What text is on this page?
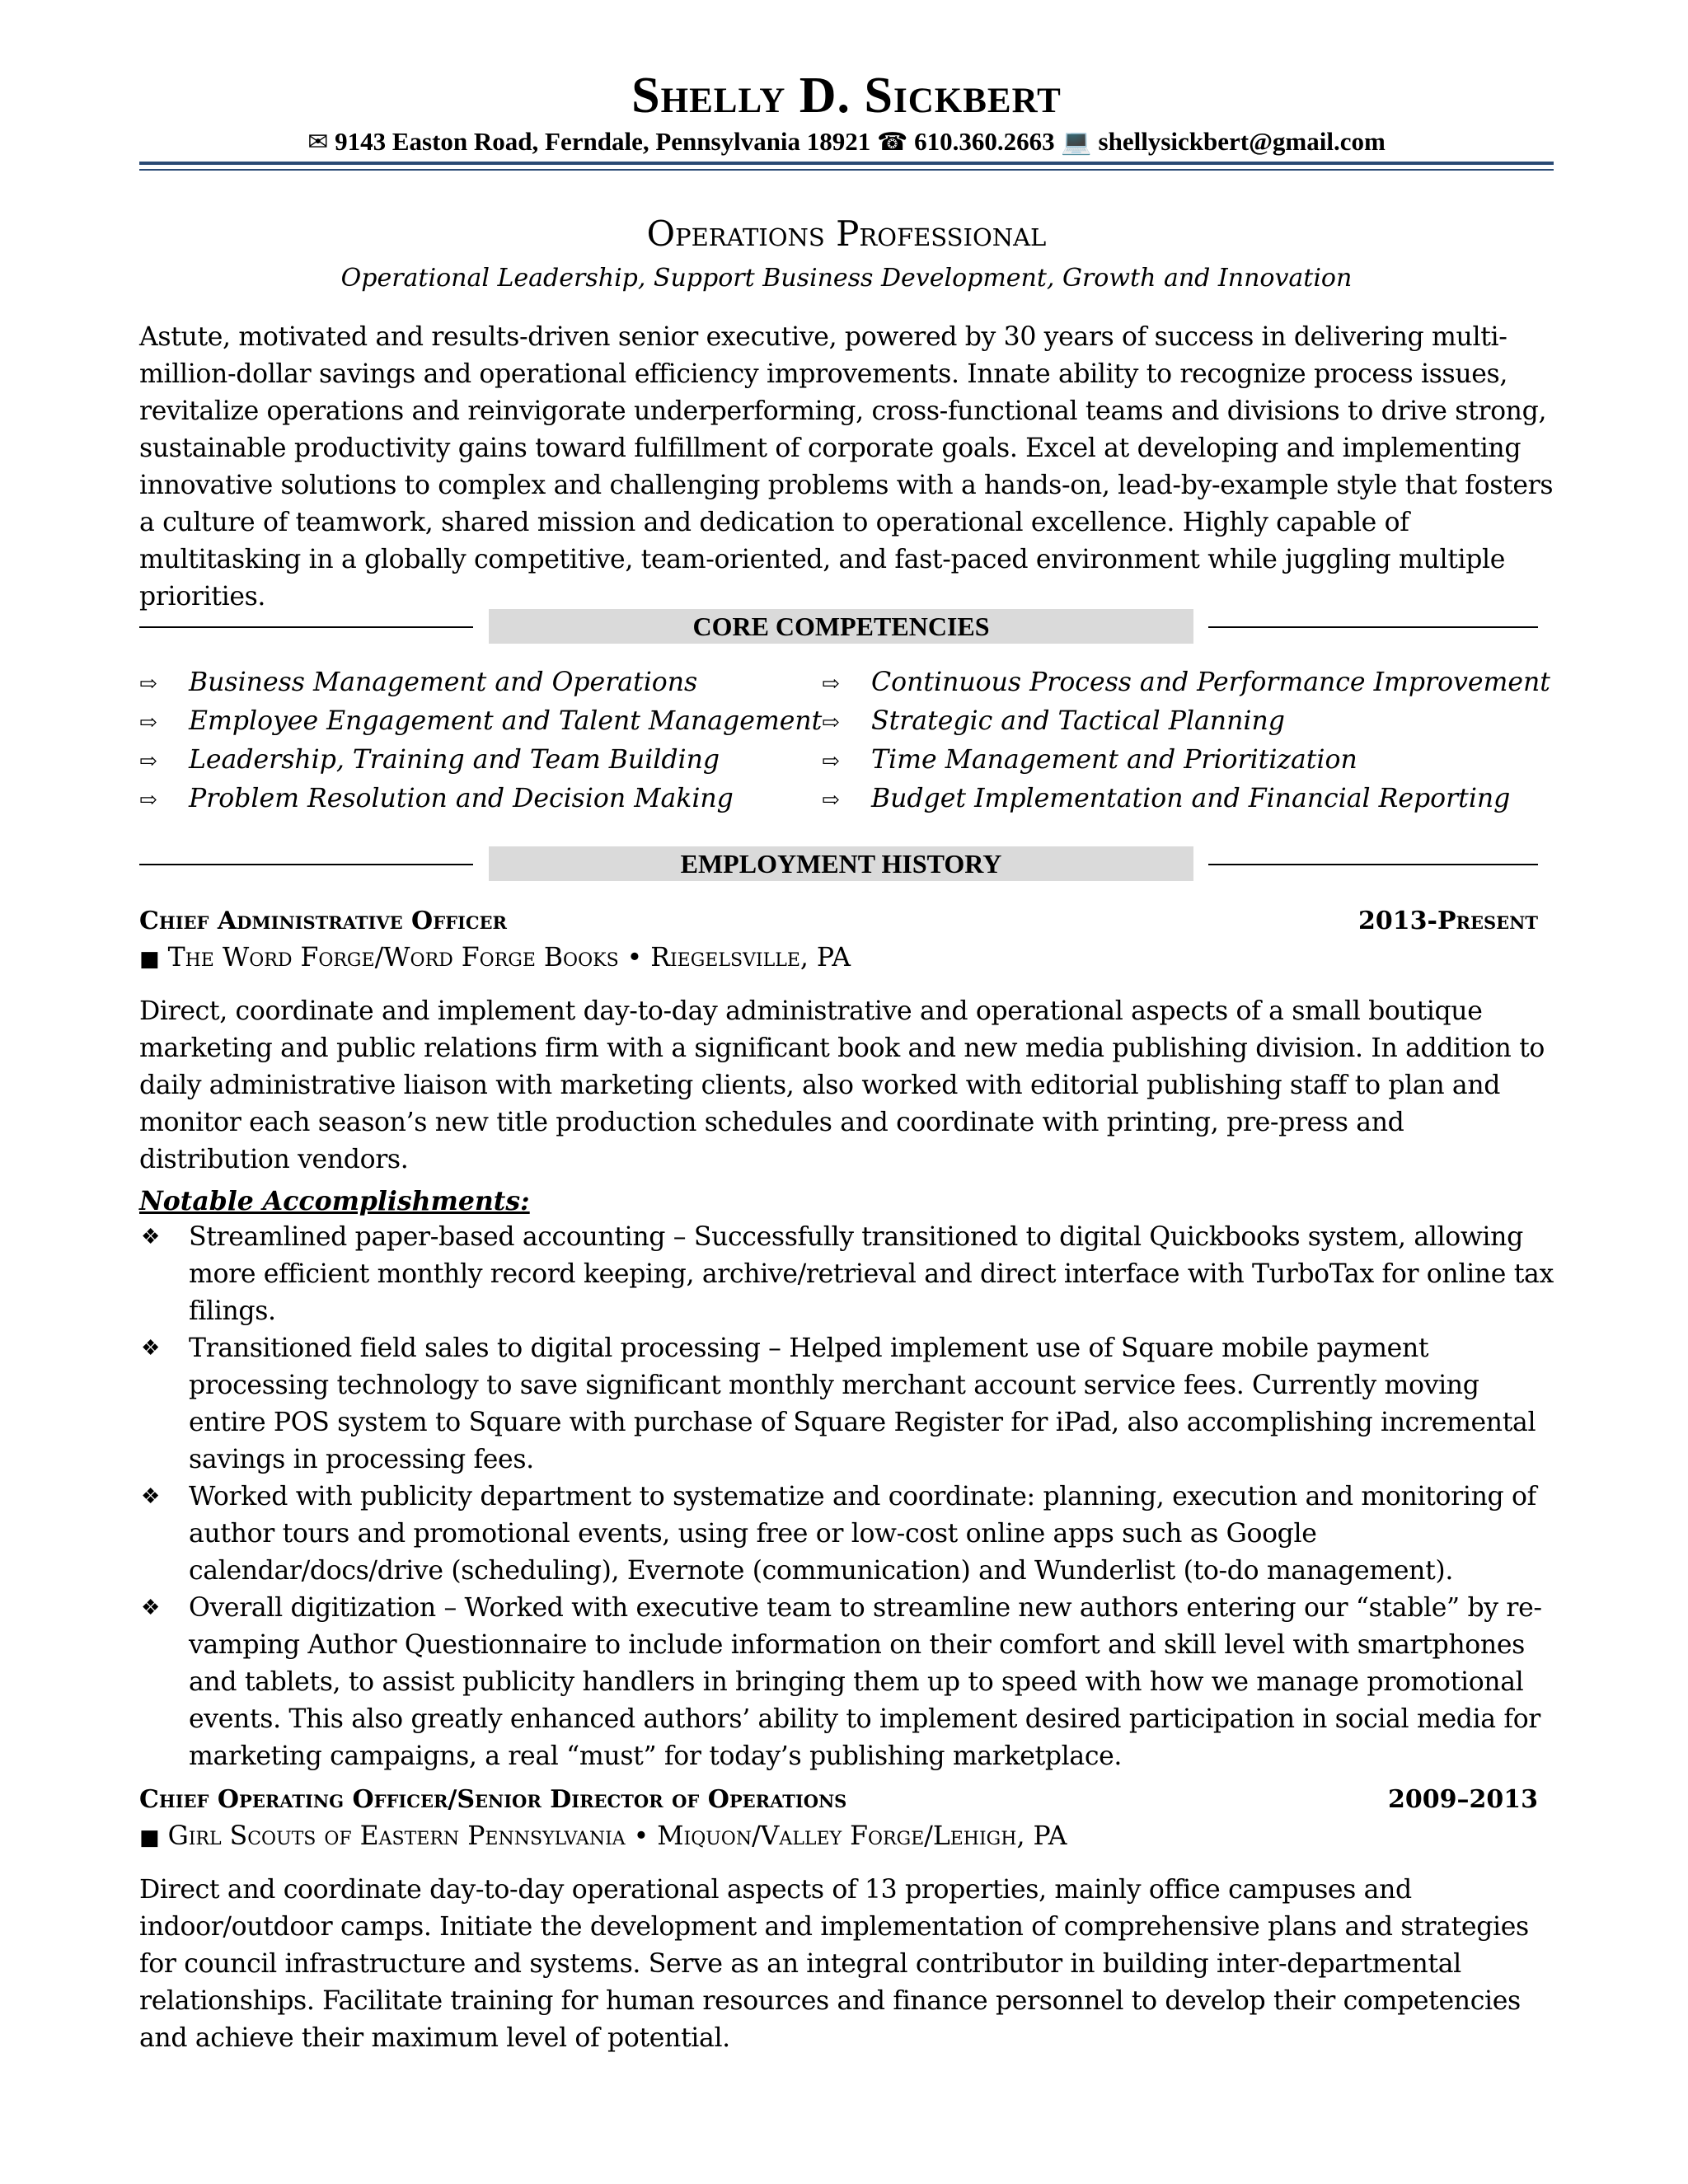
Shelly D. Sickbert
✉ 9143 Easton Road, Ferndale, Pennsylvania 18921 ☎ 610.360.2663 💻 shellysickbert@gmail.com
Operations Professional
Operational Leadership, Support Business Development, Growth and Innovation
Astute, motivated and results-driven senior executive, powered by 30 years of success in delivering multi-million-dollar savings and operational efficiency improvements. Innate ability to recognize process issues, revitalize operations and reinvigorate underperforming, cross-functional teams and divisions to drive strong, sustainable productivity gains toward fulfillment of corporate goals. Excel at developing and implementing innovative solutions to complex and challenging problems with a hands-on, lead-by-example style that fosters a culture of teamwork, shared mission and dedication to operational excellence. Highly capable of multitasking in a globally competitive, team-oriented, and fast-paced environment while juggling multiple priorities.
CORE COMPETENCIES
⇨ Business Management and Operations
⇨ Employee Engagement and Talent Management
⇨ Leadership, Training and Team Building
⇨ Problem Resolution and Decision Making
⇨ Continuous Process and Performance Improvement
⇨ Strategic and Tactical Planning
⇨ Time Management and Prioritization
⇨ Budget Implementation and Financial Reporting
EMPLOYMENT HISTORY
Chief Administrative Officer	2013-Present
■ The Word Forge/Word Forge Books • Riegelsville, PA
Direct, coordinate and implement day-to-day administrative and operational aspects of a small boutique marketing and public relations firm with a significant book and new media publishing division. In addition to daily administrative liaison with marketing clients, also worked with editorial publishing staff to plan and monitor each season’s new title production schedules and coordinate with printing, pre-press and distribution vendors.
Notable Accomplishments:
❖ Streamlined paper-based accounting – Successfully transitioned to digital Quickbooks system, allowing more efficient monthly record keeping, archive/retrieval and direct interface with TurboTax for online tax filings.
❖ Transitioned field sales to digital processing – Helped implement use of Square mobile payment processing technology to save significant monthly merchant account service fees. Currently moving entire POS system to Square with purchase of Square Register for iPad, also accomplishing incremental savings in processing fees.
❖ Worked with publicity department to systematize and coordinate: planning, execution and monitoring of author tours and promotional events, using free or low-cost online apps such as Google calendar/docs/drive (scheduling), Evernote (communication) and Wunderlist (to-do management).
❖ Overall digitization – Worked with executive team to streamline new authors entering our “stable” by re-vamping Author Questionnaire to include information on their comfort and skill level with smartphones and tablets, to assist publicity handlers in bringing them up to speed with how we manage promotional events. This also greatly enhanced authors’ ability to implement desired participation in social media for marketing campaigns, a real “must” for today’s publishing marketplace.
Chief Operating Officer/Senior Director of Operations	2009–2013
■ Girl Scouts of Eastern Pennsylvania • Miquon/Valley Forge/Lehigh, PA
Direct and coordinate day-to-day operational aspects of 13 properties, mainly office campuses and indoor/outdoor camps. Initiate the development and implementation of comprehensive plans and strategies for council infrastructure and systems. Serve as an integral contributor in building inter-departmental relationships. Facilitate training for human resources and finance personnel to develop their competencies and achieve their maximum level of potential.
